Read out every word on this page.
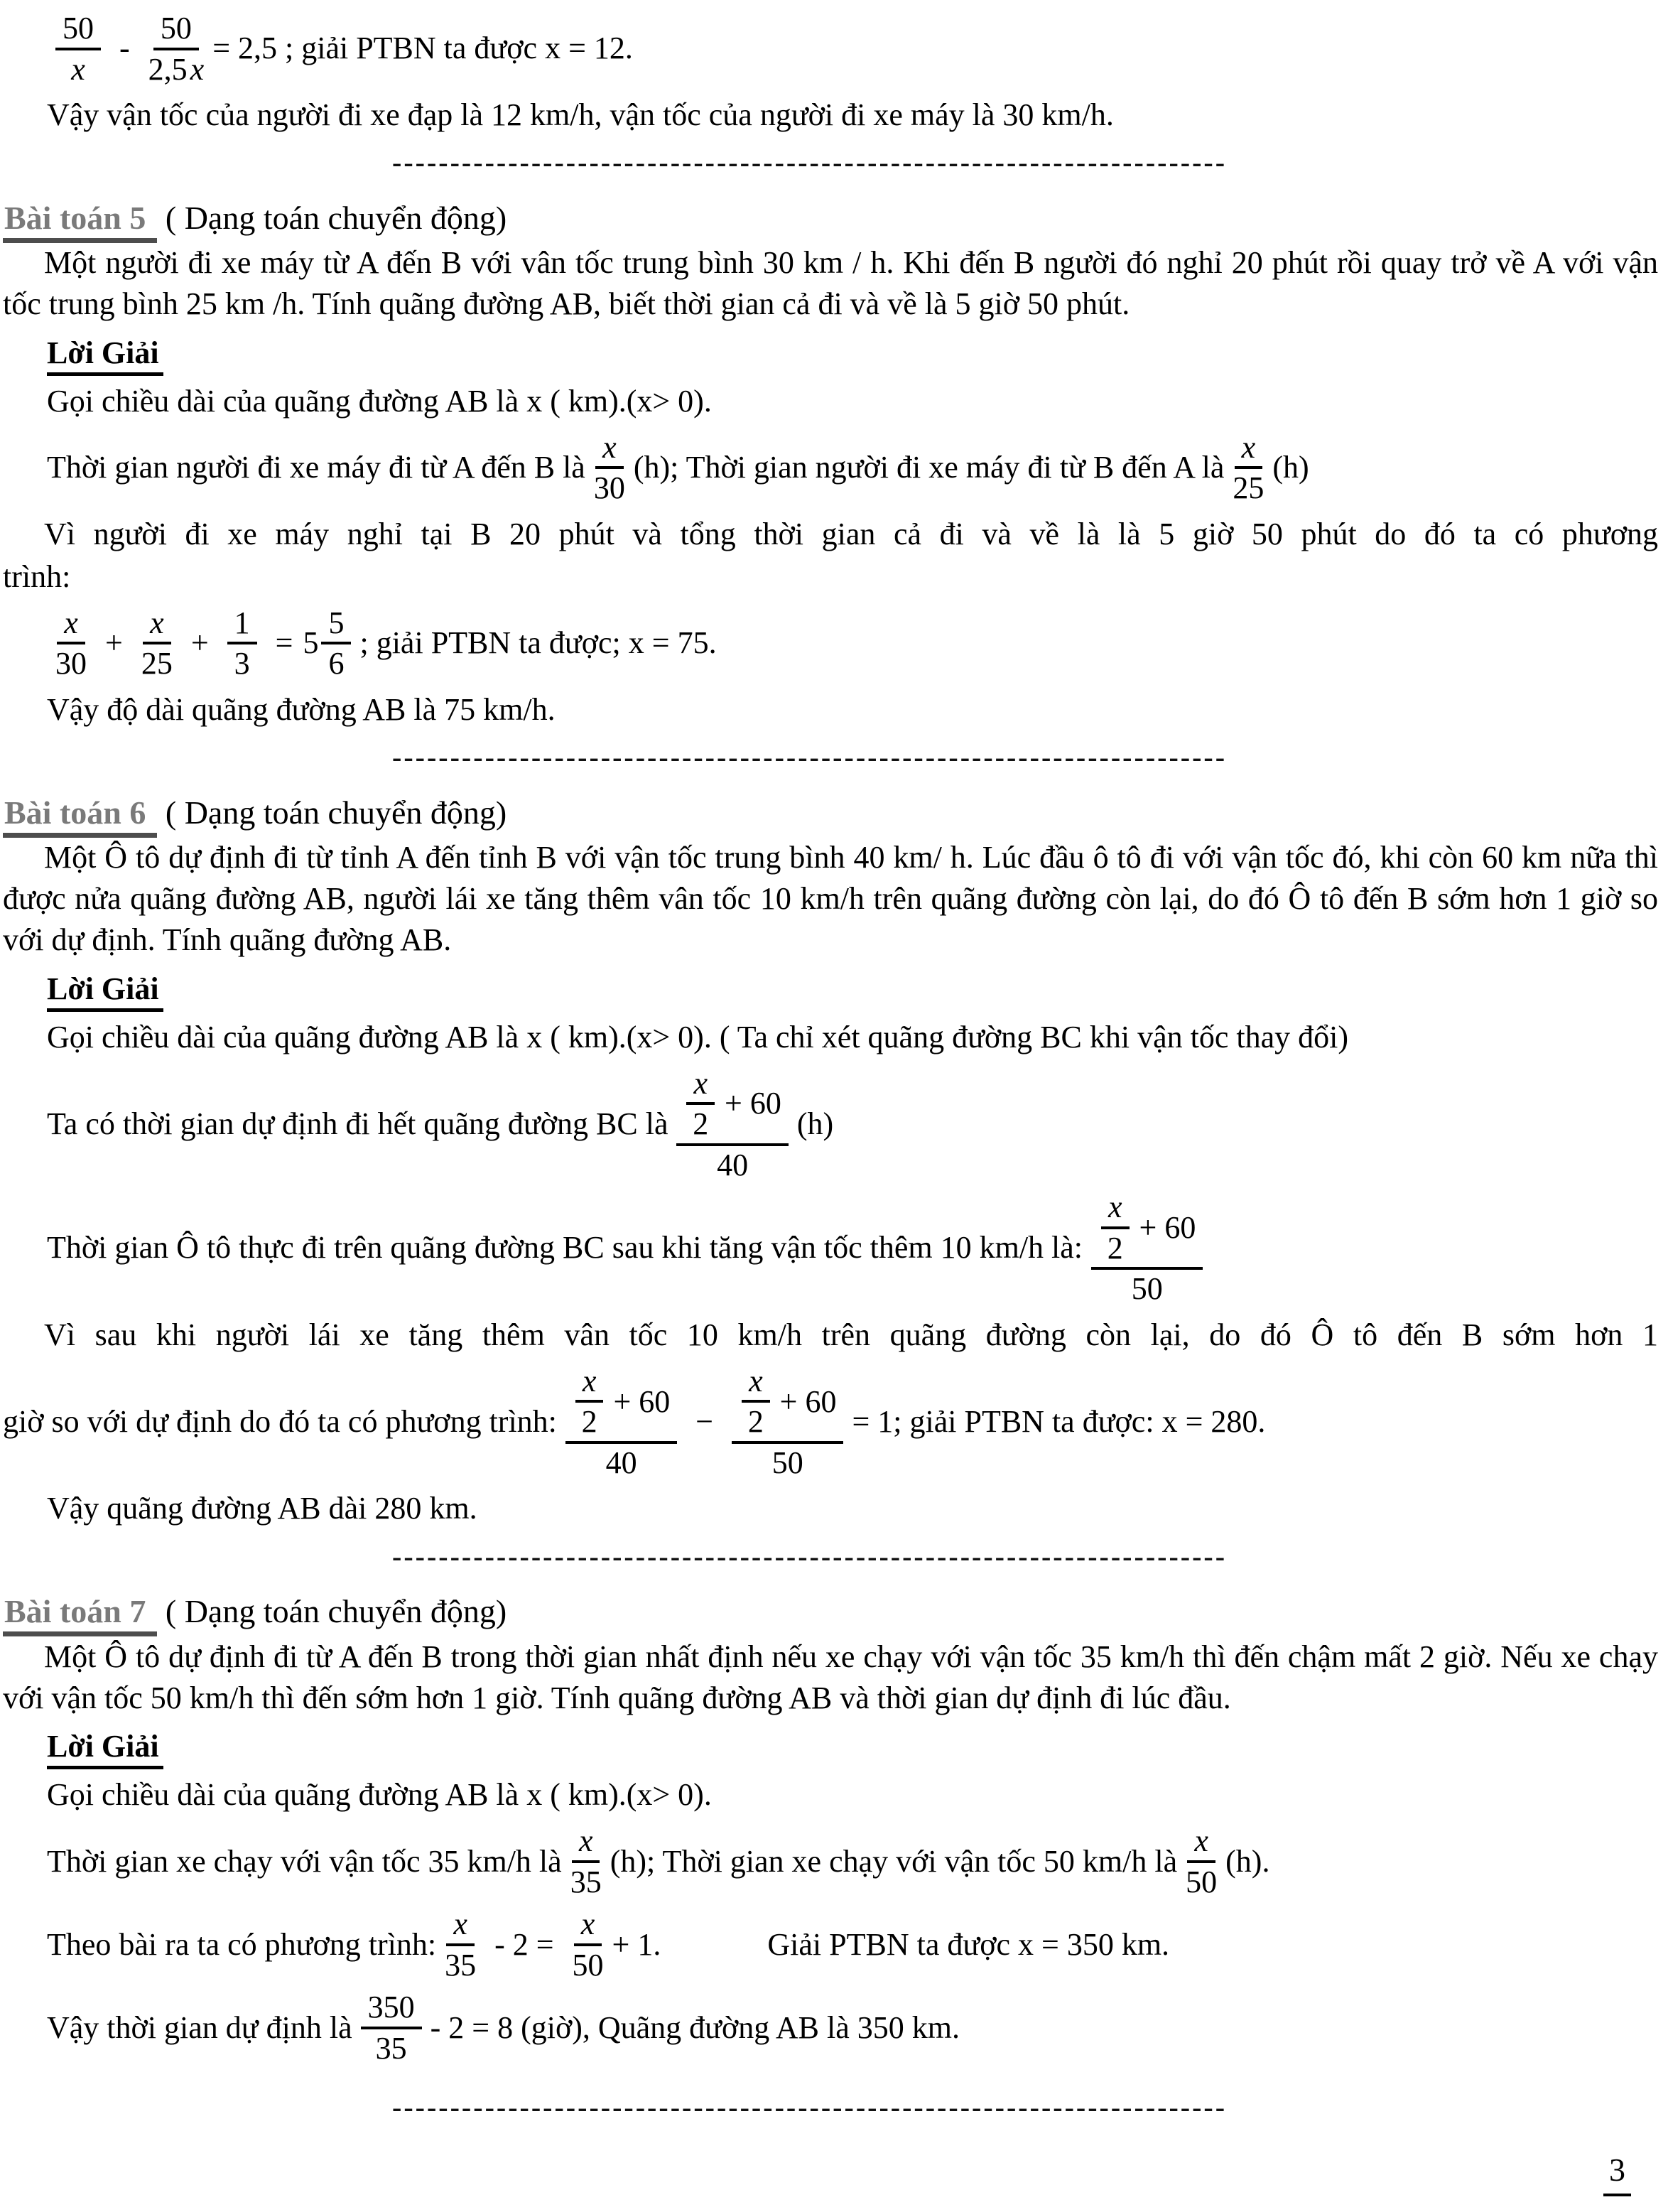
$\frac{50}{x} - \frac{50}{2,5 x} = 2,5$ ; giải PTBN ta được x = 12.

Vậy vận tốc của người đi xe đạp là 12 km/h, vận tốc của người đi xe máy là 30 km/h.

------------------------------------------------------------------------
Bài toán 5 ( Dạng toán chuyển động)

Một người đi xe máy từ A đến B với vân tốc trung bình 30 km / h. Khi đến B người đó nghỉ 20 phút rồi quay trở về A với vận tốc trung bình 25 km /h. Tính quãng đường AB, biết thời gian cả đi và về là 5 giờ 50 phút.

Lời Giải

Gọi chiều dài của quãng đường AB là x ( km).(x> 0).

Thời gian người đi xe máy đi từ A đến B là $\frac{x}{30} (h)$; Thời gian người đi xe máy đi từ B đến A là $\frac{x}{25} (h)$

Vì người đi xe máy nghỉ tại B 20 phút và tổng thời gian cả đi và về là là 5 giờ 50 phút do đó ta có phương

trình:

$\frac{x}{30} + \frac{x}{25} + \frac{1}{3} = 5 \frac{5}{6}$ ; giải PTBN ta được; x = 75.

Vậy độ dài quãng đường AB là 75 km/h.

------------------------------------------------------------------------
Bài toán 6 ( Dạng toán chuyển động)

Một Ô tô dự định đi từ tỉnh A đến tỉnh B với vận tốc trung bình 40 km/ h. Lúc đầu ô tô đi với vận tốc đó, khi còn 60 km nữa thì được nửa quãng đường AB, người lái xe tăng thêm vân tốc 10 km/h trên quãng đường còn lại, do đó Ô tô đến B sớm hơn 1 giờ so với dự định. Tính quãng đường AB.

Lời Giải

Gọi chiều dài của quãng đường AB là x ( km).(x> 0). ( Ta chỉ xét quãng đường BC khi vận tốc thay đổi)

Ta có thời gian dự định đi hết quãng đường BC là $\frac{\frac{x}{2} + 60}{40} (h)$
Thời gian Ô tô thực đi trên quãng đường BC sau khi tăng vận tốc thêm 10 km/h là: $\frac{\frac{x}{2} + 60}{50}$

Vì sau khi người lái xe tăng thêm vân tốc 10 km/h trên quãng đường còn lại, do đó Ô tô đến B sớm hơn 1

giờ so với dự định do đó ta có phương trình: $\frac{\frac{x}{2} + 60}{40} - \frac{\frac{x}{2} + 60}{50} = 1$; giải PTBN ta được: x = 280.

Vậy quãng đường AB dài 280 km.

------------------------------------------------------------------------
Bài toán 7 ( Dạng toán chuyển động)

Một Ô tô dự định đi từ A đến B trong thời gian nhất định nếu xe chạy với vận tốc 35 km/h thì đến chậm mất 2 giờ. Nếu xe chạy với vận tốc 50 km/h thì đến sớm hơn 1 giờ. Tính quãng đường AB và thời gian dự định đi lúc đầu.

Lời Giải

Gọi chiều dài của quãng đường AB là x ( km).(x> 0).

Thời gian xe chạy với vận tốc 35 km/h là $\frac{x}{35} (h)$; Thời gian xe chạy với vận tốc 50 km/h là $\frac{x}{50} (h)$.
Theo bài ra ta có phương trình: $\frac{x}{35} - 2 = \frac{x}{50} + 1$.	Giải PTBN ta được x = 350 km.
Vậy thời gian dự định là $\frac{350}{35} - 2 = 8$ (giờ), Quãng đường AB là 350 km.
------------------------------------------------------------------------
3
